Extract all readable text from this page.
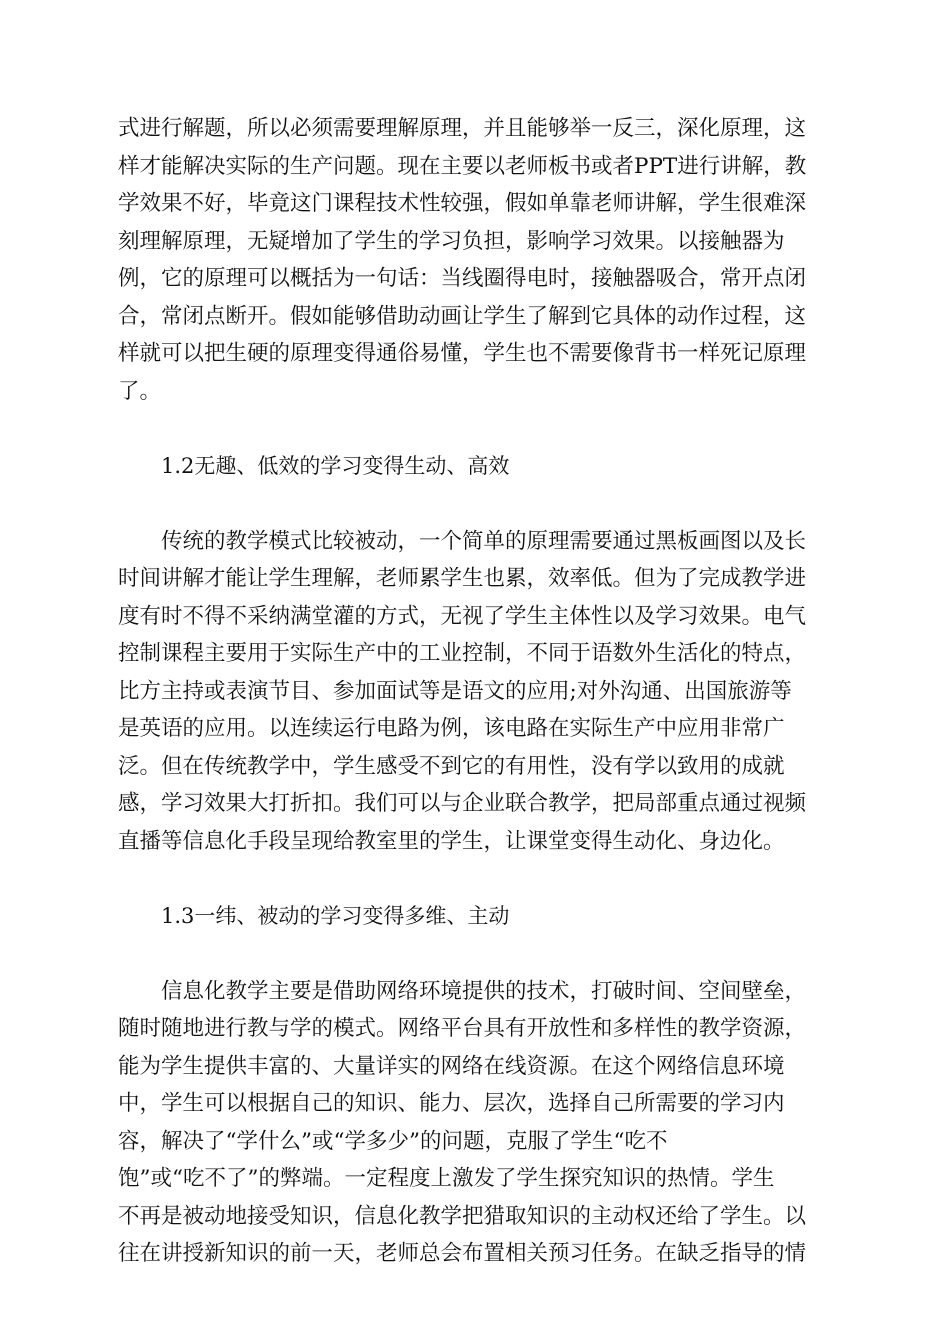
式进行解题，所以必须需要理解原理，并且能够举一反三，深化原理，这
样才能解决实际的生产问题。现在主要以老师板书或者PPT进行讲解，教
学效果不好，毕竟这门课程技术性较强，假如单靠老师讲解，学生很难深
刻理解原理，无疑增加了学生的学习负担，影响学习效果。以接触器为
例，它的原理可以概括为一句话：当线圈得电时，接触器吸合，常开点闭
合，常闭点断开。假如能够借助动画让学生了解到它具体的动作过程，这
样就可以把生硬的原理变得通俗易懂，学生也不需要像背书一样死记原理
了。
1.2无趣、低效的学习变得生动、高效
传统的教学模式比较被动，一个简单的原理需要通过黑板画图以及长
时间讲解才能让学生理解，老师累学生也累，效率低。但为了完成教学进
度有时不得不采纳满堂灌的方式，无视了学生主体性以及学习效果。电气
控制课程主要用于实际生产中的工业控制，不同于语数外生活化的特点，
比方主持或表演节目、参加面试等是语文的应用;对外沟通、出国旅游等
是英语的应用。以连续运行电路为例，该电路在实际生产中应用非常广
泛。但在传统教学中，学生感受不到它的有用性，没有学以致用的成就
感，学习效果大打折扣。我们可以与企业联合教学，把局部重点通过视频
直播等信息化手段呈现给教室里的学生，让课堂变得生动化、身边化。
1.3一纬、被动的学习变得多维、主动
信息化教学主要是借助网络环境提供的技术，打破时间、空间壁垒，
随时随地进行教与学的模式。网络平台具有开放性和多样性的教学资源，
能为学生提供丰富的、大量详实的网络在线资源。在这个网络信息环境
中，学生可以根据自己的知识、能力、层次，选择自己所需要的学习内
容，解决了“学什么”或“学多少”的问题，克服了学生“吃不
饱”或“吃不了”的弊端。一定程度上激发了学生探究知识的热情。学生
不再是被动地接受知识，信息化教学把猎取知识的主动权还给了学生。以
往在讲授新知识的前一天，老师总会布置相关预习任务。在缺乏指导的情
